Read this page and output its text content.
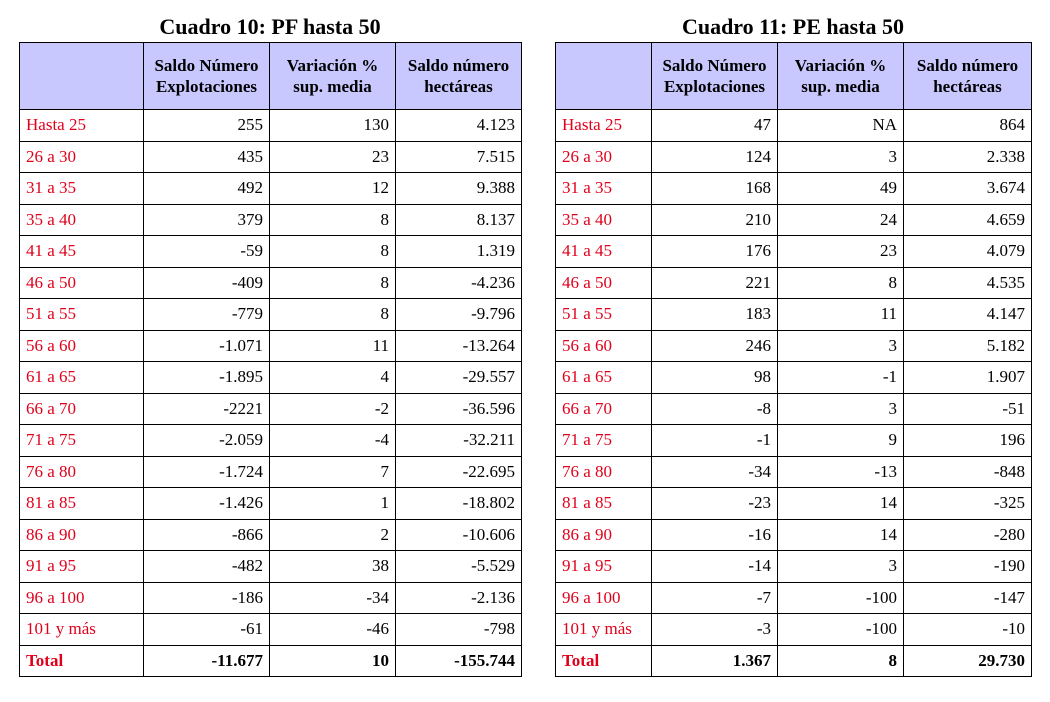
Cuadro 10: PF hasta 50
	Saldo Número Explotaciones	Variación % sup. media	Saldo número hectáreas
Hasta 25	255	130	4.123
26 a 30	435	23	7.515
31 a 35	492	12	9.388
35 a 40	379	8	8.137
41 a 45	-59	8	1.319
46 a 50	-409	8	-4.236
51 a 55	-779	8	-9.796
56 a 60	-1.071	11	-13.264
61 a 65	-1.895	4	-29.557
66 a 70	-2221	-2	-36.596
71 a 75	-2.059	-4	-32.211
76 a 80	-1.724	7	-22.695
81 a 85	-1.426	1	-18.802
86 a 90	-866	2	-10.606
91 a 95	-482	38	-5.529
96 a 100	-186	-34	-2.136
101 y más	-61	-46	-798
Total	-11.677	10	-155.744
Cuadro 11: PE hasta 50
	Saldo Número Explotaciones	Variación % sup. media	Saldo número hectáreas
Hasta 25	47	NA	864
26 a 30	124	3	2.338
31 a 35	168	49	3.674
35 a 40	210	24	4.659
41 a 45	176	23	4.079
46 a 50	221	8	4.535
51 a 55	183	11	4.147
56 a 60	246	3	5.182
61 a 65	98	-1	1.907
66 a 70	-8	3	-51
71 a 75	-1	9	196
76 a 80	-34	-13	-848
81 a 85	-23	14	-325
86 a 90	-16	14	-280
91 a 95	-14	3	-190
96 a 100	-7	-100	-147
101 y más	-3	-100	-10
Total	1.367	8	29.730
